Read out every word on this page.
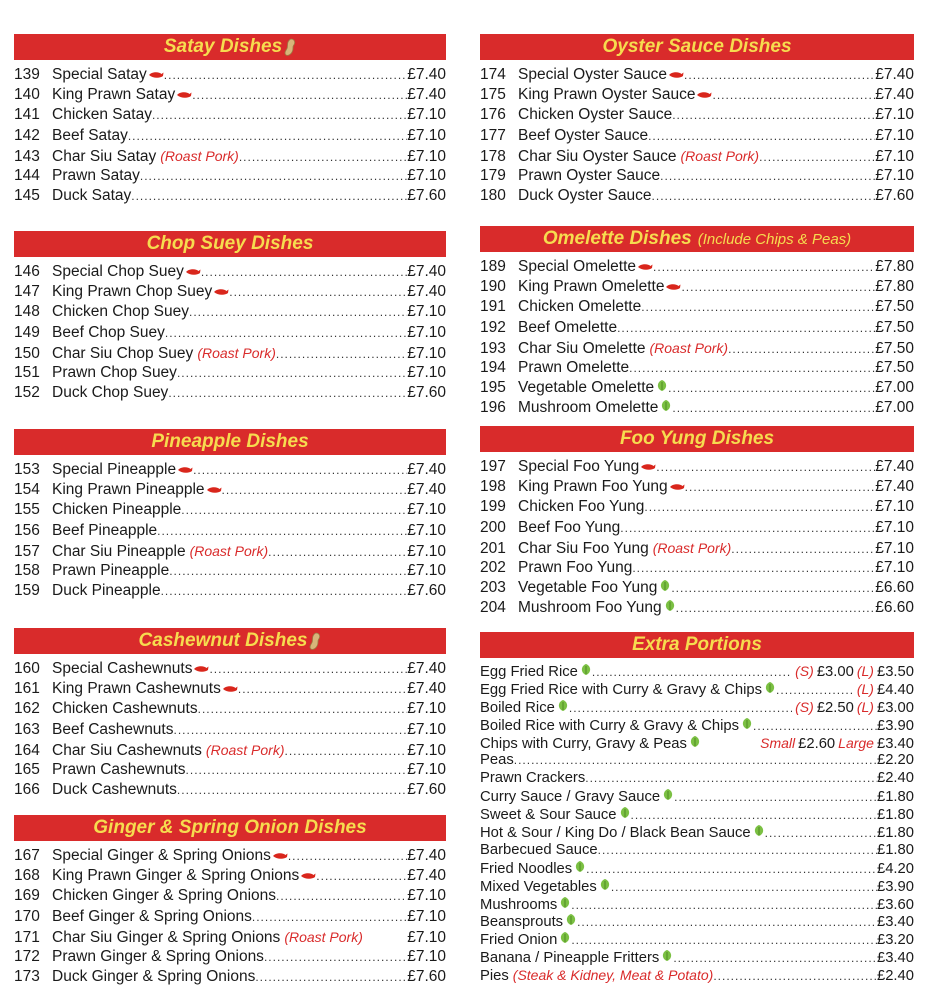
Satay Dishes
139 Special Satay .....	£7.40
140 King Prawn Satay .....	£7.40
141 Chicken Satay .....	£7.10
142 Beef Satay .....	£7.10
143 Char Siu Satay (Roast Pork) .....	£7.10
144 Prawn Satay .....	£7.10
145 Duck Satay .....	£7.60
Chop Suey Dishes
146 Special Chop Suey .....	£7.40
147 King Prawn Chop Suey .....	£7.40
148 Chicken Chop Suey .....	£7.10
149 Beef Chop Suey .....	£7.10
150 Char Siu Chop Suey (Roast Pork) .....	£7.10
151 Prawn Chop Suey .....	£7.10
152 Duck Chop Suey .....	£7.60
Pineapple Dishes
153 Special Pineapple .....	£7.40
154 King Prawn Pineapple .....	£7.40
155 Chicken Pineapple .....	£7.10
156 Beef Pineapple .....	£7.10
157 Char Siu Pineapple (Roast Pork) .....	£7.10
158 Prawn Pineapple .....	£7.10
159 Duck Pineapple .....	£7.60
Cashewnut Dishes
160 Special Cashewnuts .....	£7.40
161 King Prawn Cashewnuts .....	£7.40
162 Chicken Cashewnuts .....	£7.10
163 Beef Cashewnuts .....	£7.10
164 Char Siu Cashewnuts (Roast Pork) .....	£7.10
165 Prawn Cashewnuts .....	£7.10
166 Duck Cashewnuts .....	£7.60
Ginger & Spring Onion Dishes
167 Special Ginger & Spring Onions .....	£7.40
168 King Prawn Ginger & Spring Onions .....	£7.40
169 Chicken Ginger & Spring Onions .....	£7.10
170 Beef Ginger & Spring Onions .....	£7.10
171 Char Siu Ginger & Spring Onions (Roast Pork)	£7.10
172 Prawn Ginger & Spring Onions .....	£7.10
173 Duck Ginger & Spring Onions .....	£7.60
Oyster Sauce Dishes
174 Special Oyster Sauce .....	£7.40
175 King Prawn Oyster Sauce .....	£7.40
176 Chicken Oyster Sauce .....	£7.10
177 Beef Oyster Sauce .....	£7.10
178 Char Siu Oyster Sauce (Roast Pork) .....	£7.10
179 Prawn Oyster Sauce .....	£7.10
180 Duck Oyster Sauce .....	£7.60
Omelette Dishes (Include Chips & Peas)
189 Special Omelette .....	£7.80
190 King Prawn Omelette .....	£7.80
191 Chicken Omelette .....	£7.50
192 Beef Omelette .....	£7.50
193 Char Siu Omelette (Roast Pork) .....	£7.50
194 Prawn Omelette .....	£7.50
195 Vegetable Omelette .....	£7.00
196 Mushroom Omelette .....	£7.00
Foo Yung Dishes
197 Special Foo Yung .....	£7.40
198 King Prawn Foo Yung .....	£7.40
199 Chicken Foo Yung .....	£7.10
200 Beef Foo Yung .....	£7.10
201 Char Siu Foo Yung (Roast Pork) .....	£7.10
202 Prawn Foo Yung .....	£7.10
203 Vegetable Foo Yung .....	£6.60
204 Mushroom Foo Yung .....	£6.60
Extra Portions
Egg Fried Rice .....	(S) £3.00 (L) £3.50
Egg Fried Rice with Curry & Gravy & Chips .....	(L) £4.40
Boiled Rice .....	(S) £2.50 (L) £3.00
Boiled Rice with Curry & Gravy & Chips .....	£3.90
Chips with Curry, Gravy & Peas	Small £2.60 Large £3.40
Peas .....	£2.20
Prawn Crackers .....	£2.40
Curry Sauce / Gravy Sauce .....	£1.80
Sweet & Sour Sauce .....	£1.80
Hot & Sour / King Do / Black Bean Sauce .....	£1.80
Barbecued Sauce .....	£1.80
Fried Noodles .....	£4.20
Mixed Vegetables .....	£3.90
Mushrooms .....	£3.60
Beansprouts .....	£3.40
Fried Onion .....	£3.20
Banana / Pineapple Fritters .....	£3.40
Pies (Steak & Kidney, Meat & Potato) .....	£2.40
